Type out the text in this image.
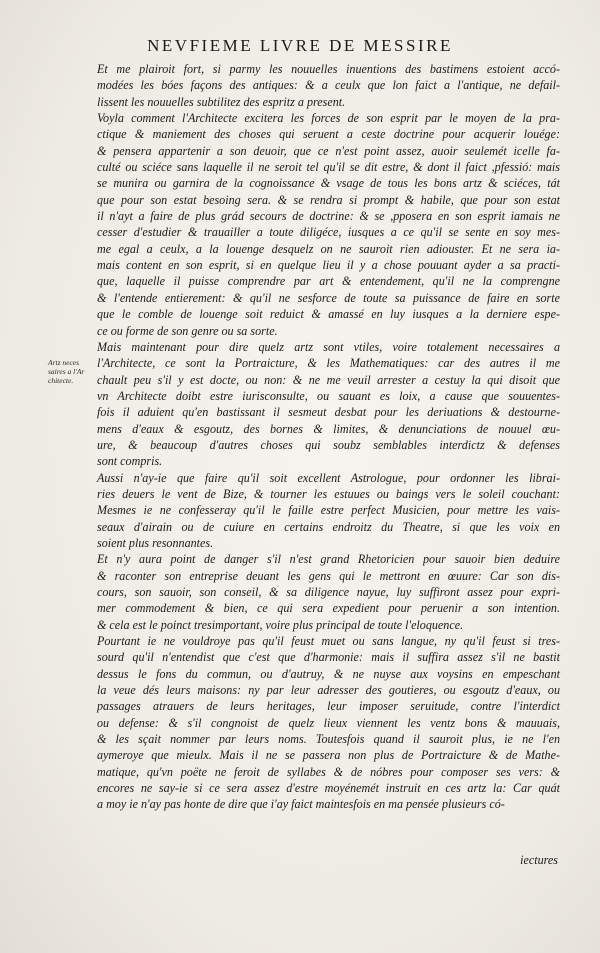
NEVFIEME LIVRE DE MESSIRE
Artz neces
saires a l'Ar
chitecte.
Et me plairoit fort, si parmy les nouuelles inuentions des bastimens estoient accó-
modées les bóes façons des antiques: & a ceulx que lon faict a l'antique, ne defail-
lissent les nouuelles subtilitez des espritz a present.
Voyla comment l'Architecte excitera les forces de son esprit par le moyen de la pra-
ctique & maniement des choses qui seruent a ceste doctrine pour acquerir louége:
& pensera appartenir a son deuoir, que ce n'est point assez, auoir seulemét icelle fa-
culté ou sciéce sans laquelle il ne seroit tel qu'il se dit estre, & dont il faict ,pfessió: mais
se munira ou garnira de la cognoissance & vsage de tous les bons artz & sciéces, tát
que pour son estat besoing sera. & se rendra si prompt & habile, que pour son estat
il n'ayt a faire de plus grád secours de doctrine: & se ,pposera en son esprit iamais ne
cesser d'estudier & trauailler a toute diligéce, iusques a ce qu'il se sente en soy mes-
me egal a ceulx, a la louenge desquelz on ne sauroit rien adiouster. Et ne sera ia-
mais content en son esprit, si en quelque lieu il y a chose pouuant ayder a sa practi-
que, laquelle il puisse comprendre par art & entendement, qu'il ne la comprengne
& l'entende entierement: & qu'il ne sesforce de toute sa puissance de faire en sorte
que le comble de louenge soit reduict & amassé en luy iusques a la derniere espe-
ce ou forme de son genre ou sa sorte.
Mais maintenant pour dire quelz artz sont vtiles, voire totalement necessaires a
l'Architecte, ce sont la Portraicture, & les Mathematiques: car des autres il me
chault peu s'il y est docte, ou non: & ne me veuil arrester a cestuy la qui disoit que
vn Architecte doibt estre iurisconsulte, ou sauant es loix, a cause que souuentes-
fois il aduient qu'en bastissant il sesmeut desbat pour les deriuations & destourne-
mens d'eaux & esgoutz, des bornes & limites, & denunciations de nouuel œu-
ure, & beaucoup d'autres choses qui soubz semblables interdictz & defenses
sont compris.
Aussi n'ay-ie que faire qu'il soit excellent Astrologue, pour ordonner les librai-
ries deuers le vent de Bize, & tourner les estuues ou baings vers le soleil couchant:
Mesmes ie ne confesseray qu'il le faille estre perfect Musicien, pour mettre les vais-
seaux d'airain ou de cuiure en certains endroitz du Theatre, si que les voix en
soient plus resonnantes.
Et n'y aura point de danger s'il n'est grand Rhetoricien pour sauoir bien deduire
& raconter son entreprise deuant les gens qui le mettront en œuure: Car son dis-
cours, son sauoir, son conseil, & sa diligence nayue, luy suffiront assez pour expri-
mer commodement & bien, ce qui sera expedient pour peruenir a son intention.
& cela est le poinct tresimportant, voire plus principal de toute l'eloquence.
Pourtant ie ne vouldroye pas qu'il feust muet ou sans langue, ny qu'il feust si tres-
sourd qu'il n'entendist que c'est que d'harmonie: mais il suffira assez s'il ne bastit
dessus le fons du commun, ou d'autruy, & ne nuyse aux voysins en empeschant
la veue dés leurs maisons: ny par leur adresser des goutieres, ou esgoutz d'eaux, ou
passages atrauers de leurs heritages, leur imposer seruitude, contre l'interdict
ou defense: & s'il congnoist de quelz lieux viennent les ventz bons & mauuais,
& les sçait nommer par leurs noms. Toutesfois quand il sauroit plus, ie ne l'en
aymeroye que mieulx. Mais il ne se passera non plus de Portraicture & de Mathe-
matique, qu'vn poëte ne feroit de syllabes & de nóbres pour composer ses vers: &
encores ne say-ie si ce sera assez d'estre moyénemét instruit en ces artz la: Car quát
a moy ie n'ay pas honte de dire que i'ay faict maintesfois en ma pensée plusieurs có-
iectures
